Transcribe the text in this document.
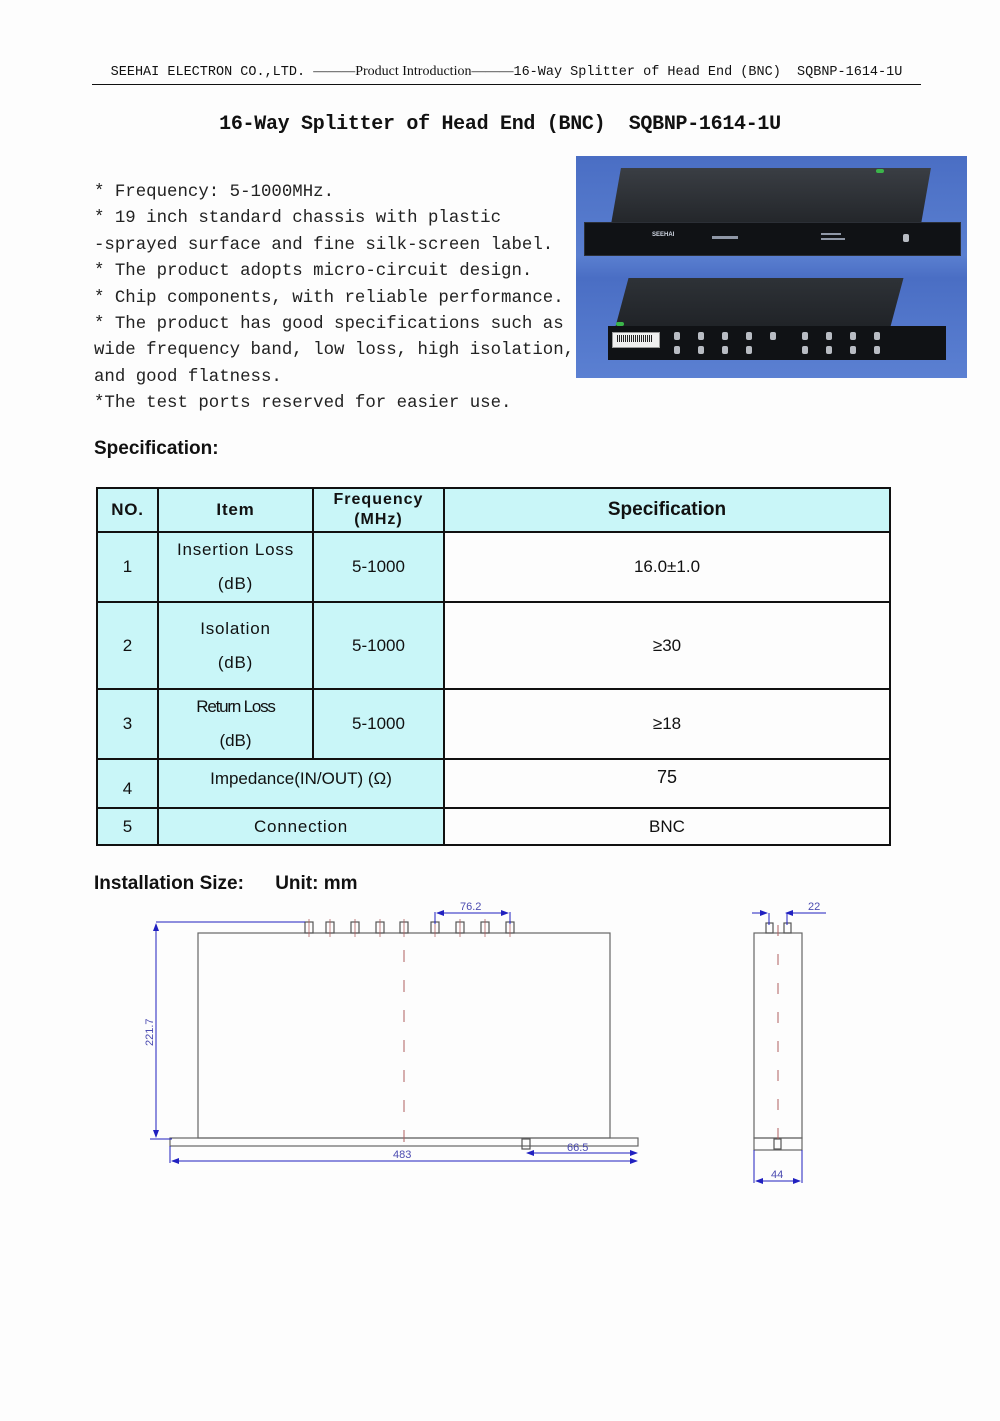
SEEHAI ELECTRON CO.,LTD. ———Product Introduction———16-Way Splitter of Head End (BNC) SQBNP-1614-1U
16-Way Splitter of Head End (BNC)  SQBNP-1614-1U
* Frequency: 5-1000MHz.
* 19 inch standard chassis with plastic
-sprayed surface and fine silk-screen label.
* The product adopts micro-circuit design.
* Chip components, with reliable performance.
* The product has good specifications such as
wide frequency band, low loss, high isolation,
and good flatness.
*The test ports reserved for easier use.
SEEHAI
Specification:
NO.	Item	Frequency
(MHz)	Specification
1	Insertion Loss
(dB)	5-1000	16.0±1.0
2	Isolation
(dB)	5-1000	≥30
3	Return Loss
(dB)	5-1000	≥18
4	Impedance(IN/OUT) (Ω)		75
5	Connection		BNC
Installation Size: Unit: mm
221.7
483
66.5
76.2	22
44
